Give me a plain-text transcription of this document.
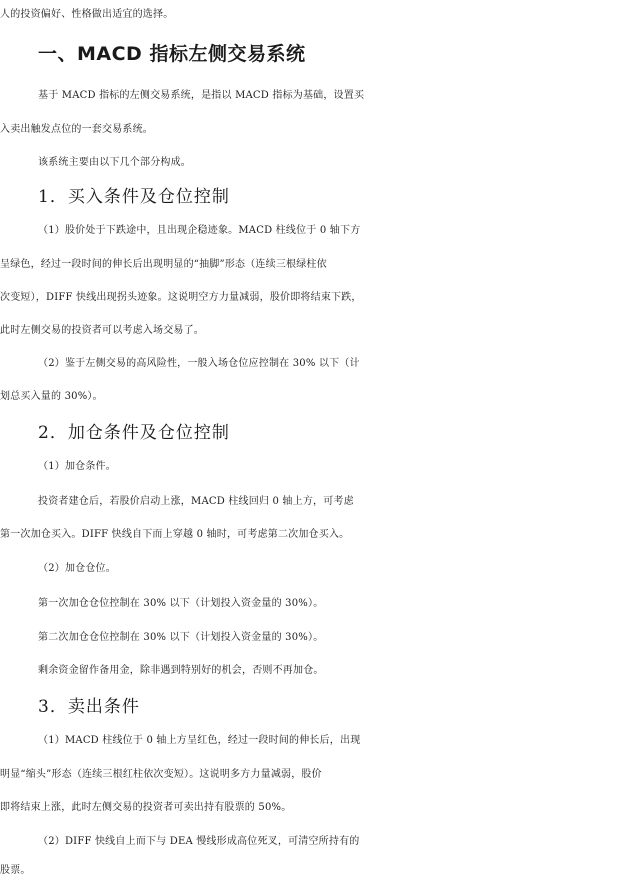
人的投资偏好、性格做出适宜的选择。
一、MACD 指标左侧交易系统
基于 MACD 指标的左侧交易系统，是指以 MACD 指标为基础，设置买
入卖出触发点位的一套交易系统。
该系统主要由以下几个部分构成。
1．买入条件及仓位控制
（1）股价处于下跌途中，且出现企稳迹象。MACD 柱线位于 0 轴下方
呈绿色，经过一段时间的伸长后出现明显的“抽脚”形态（连续三根绿柱依
次变短），DIFF 快线出现拐头迹象。这说明空方力量减弱，股价即将结束下跌，
此时左侧交易的投资者可以考虑入场交易了。
（2）鉴于左侧交易的高风险性，一般入场仓位应控制在 30% 以下（计
划总买入量的 30%）。
2．加仓条件及仓位控制
（1）加仓条件。
投资者建仓后，若股价启动上涨，MACD 柱线回归 0 轴上方，可考虑
第一次加仓买入。DIFF 快线自下而上穿越 0 轴时，可考虑第二次加仓买入。
（2）加仓仓位。
第一次加仓仓位控制在 30% 以下（计划投入资金量的 30%）。
第二次加仓仓位控制在 30% 以下（计划投入资金量的 30%）。
剩余资金留作备用金，除非遇到特别好的机会，否则不再加仓。
3．卖出条件
（1）MACD 柱线位于 0 轴上方呈红色，经过一段时间的伸长后，出现
明显“缩头”形态（连续三根红柱依次变短）。这说明多方力量减弱，股价
即将结束上涨，此时左侧交易的投资者可卖出持有股票的 50%。
（2）DIFF 快线自上而下与 DEA 慢线形成高位死叉，可清空所持有的
股票。
